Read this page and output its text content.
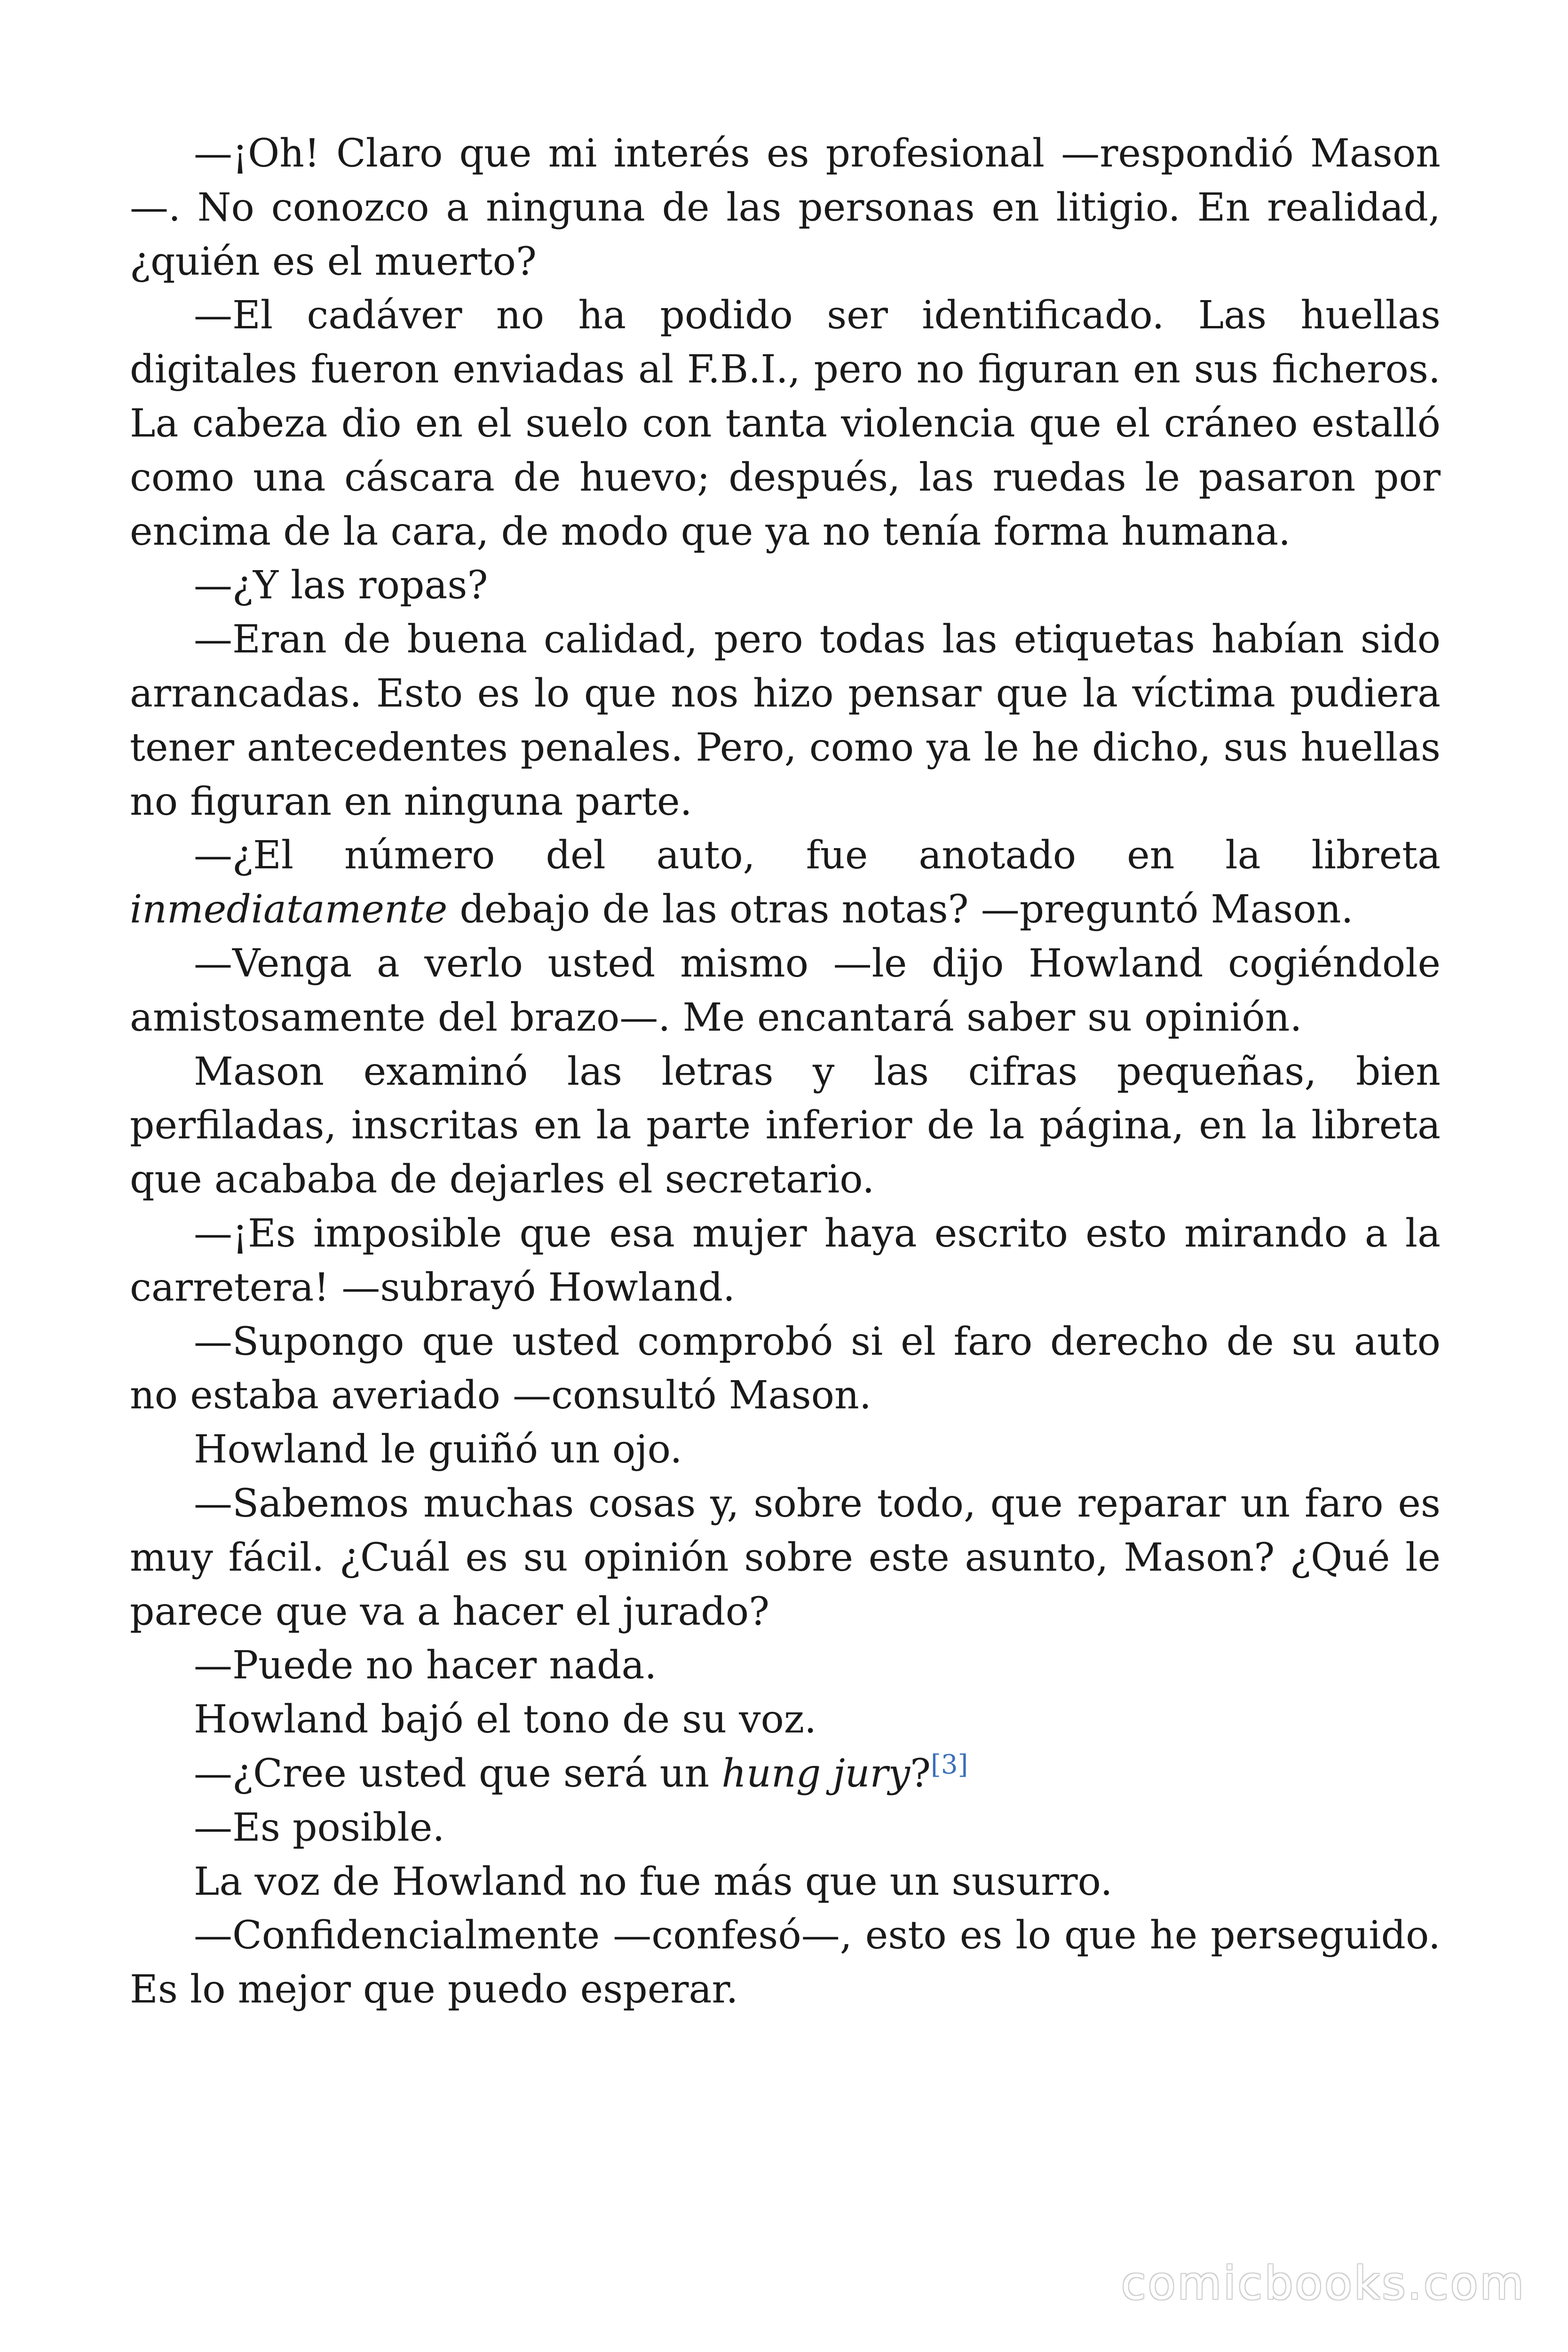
—¡Oh! Claro que mi interés es profesional —respondió Mason—. No conozco a ninguna de las personas en litigio. En realidad, ¿quién es el muerto?

—El cadáver no ha podido ser identificado. Las huellas digitales fueron enviadas al F.B.I., pero no figuran en sus ficheros. La cabeza dio en el suelo con tanta violencia que el cráneo estalló como una cáscara de huevo; después, las ruedas le pasaron por encima de la cara, de modo que ya no tenía forma humana.

—¿Y las ropas?

—Eran de buena calidad, pero todas las etiquetas habían sido arrancadas. Esto es lo que nos hizo pensar que la víctima pudiera tener antecedentes penales. Pero, como ya le he dicho, sus huellas no figuran en ninguna parte.

—¿El número del auto, fue anotado en la libreta inmediatamente debajo de las otras notas? —preguntó Mason.

—Venga a verlo usted mismo —le dijo Howland cogiéndole amistosamente del brazo—. Me encantará saber su opinión.

Mason examinó las letras y las cifras pequeñas, bien perfiladas, inscritas en la parte inferior de la página, en la libreta que acababa de dejarles el secretario.

—¡Es imposible que esa mujer haya escrito esto mirando a la carretera! —subrayó Howland.

—Supongo que usted comprobó si el faro derecho de su auto no estaba averiado —consultó Mason.

Howland le guiñó un ojo.

—Sabemos muchas cosas y, sobre todo, que reparar un faro es muy fácil. ¿Cuál es su opinión sobre este asunto, Mason? ¿Qué le parece que va a hacer el jurado?

—Puede no hacer nada.

Howland bajó el tono de su voz.

—¿Cree usted que será un hung jury?[3]

—Es posible.

La voz de Howland no fue más que un susurro.

—Confidencialmente —confesó—, esto es lo que he perseguido. Es lo mejor que puedo esperar.

comicbooks.com
